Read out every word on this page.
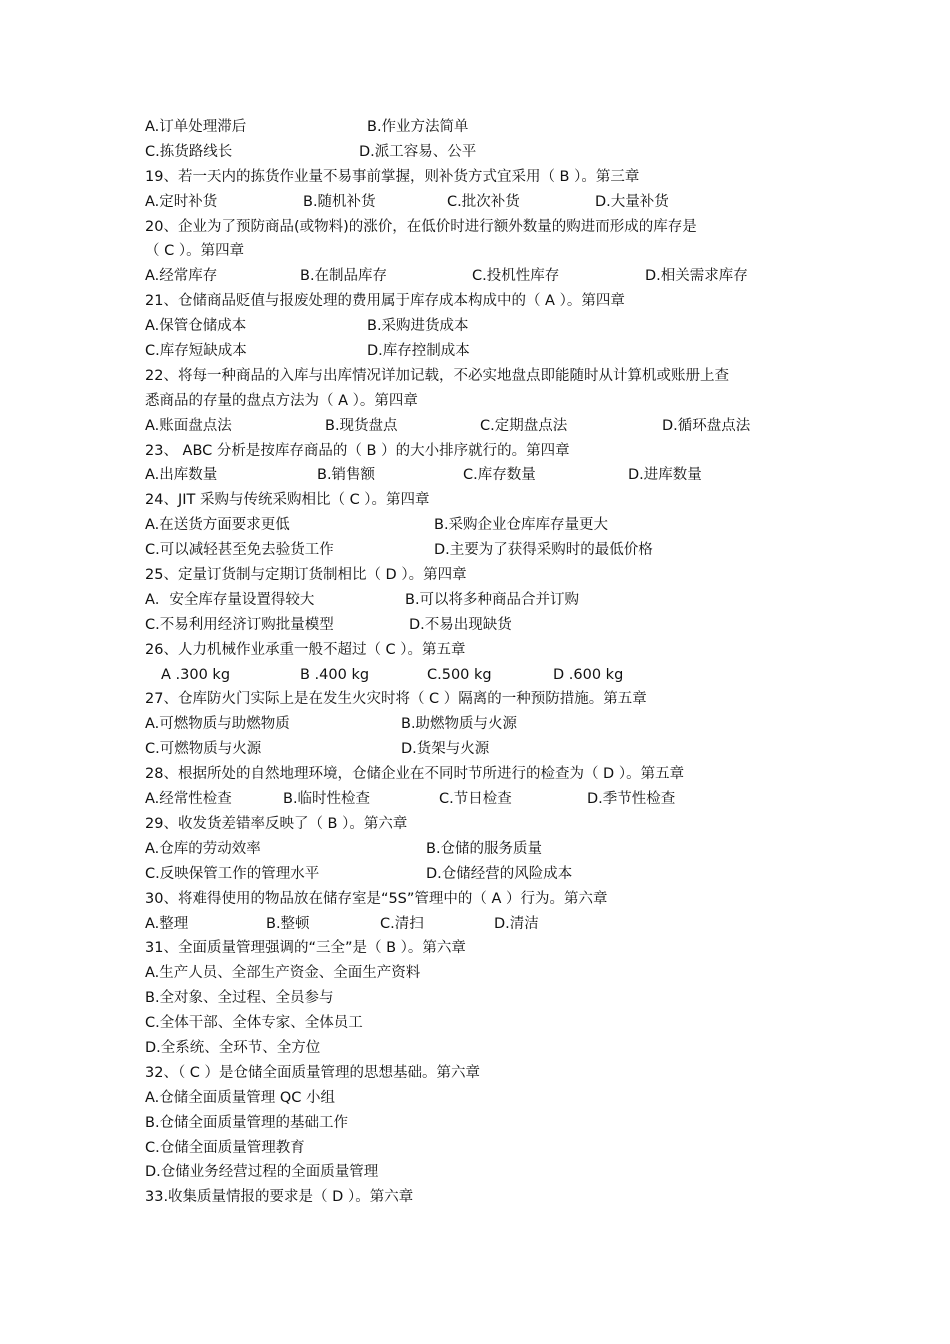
A.订单处理滞后	B.作业方法简单
C.拣货路线长	D.派工容易、公平
19、若一天内的拣货作业量不易事前掌握，则补货方式宜采用（ B ）。第三章
A.定时补货	B.随机补货	C.批次补货	D.大量补货
20、企业为了预防商品(或物料)的涨价，在低价时进行额外数量的购进而形成的库存是
（ C ）。第四章
A.经常库存	B.在制品库存	C.投机性库存	D.相关需求库存
21、仓储商品贬值与报废处理的费用属于库存成本构成中的（ A ）。第四章
A.保管仓储成本	B.采购进货成本
C.库存短缺成本	D.库存控制成本
22、将每一种商品的入库与出库情况详加记载，不必实地盘点即能随时从计算机或账册上查
悉商品的存量的盘点方法为（ A ）。第四章
A.账面盘点法	B.现货盘点	C.定期盘点法	D.循环盘点法
23、 ABC 分析是按库存商品的（ B ）的大小排序就行的。第四章
A.出库数量	B.销售额	C.库存数量	D.进库数量
24、JIT 采购与传统采购相比（ C ）。第四章
A.在送货方面要求更低	B.采购企业仓库库存量更大
C.可以减轻甚至免去验货工作	D.主要为了获得采购时的最低价格
25、定量订货制与定期订货制相比（ D ）。第四章
A．安全库存量设置得较大	B.可以将多种商品合并订购
C.不易利用经济订购批量模型	D.不易出现缺货
26、人力机械作业承重一般不超过（ C ）。第五章
A .300 kg	B .400 kg	C.500 kg	D .600 kg
27、仓库防火门实际上是在发生火灾时将（ C ）隔离的一种预防措施。第五章
A.可燃物质与助燃物质	B.助燃物质与火源
C.可燃物质与火源	D.货架与火源
28、根据所处的自然地理环境，仓储企业在不同时节所进行的检查为（ D ）。第五章
A.经常性检查	B.临时性检查	C.节日检查	D.季节性检查
29、收发货差错率反映了（ B ）。第六章
A.仓库的劳动效率	B.仓储的服务质量
C.反映保管工作的管理水平	D.仓储经营的风险成本
30、将难得使用的物品放在储存室是“5S”管理中的（ A ）行为。第六章
A.整理	B.整顿	C.清扫	D.清洁
31、全面质量管理强调的“三全”是（ B ）。第六章
A.生产人员、全部生产资金、全面生产资料
B.全对象、全过程、全员参与
C.全体干部、全体专家、全体员工
D.全系统、全环节、全方位
32、（ C ）是仓储全面质量管理的思想基础。第六章
A.仓储全面质量管理 QC 小组
B.仓储全面质量管理的基础工作
C.仓储全面质量管理教育
D.仓储业务经营过程的全面质量管理
33.收集质量情报的要求是（ D ）。第六章
